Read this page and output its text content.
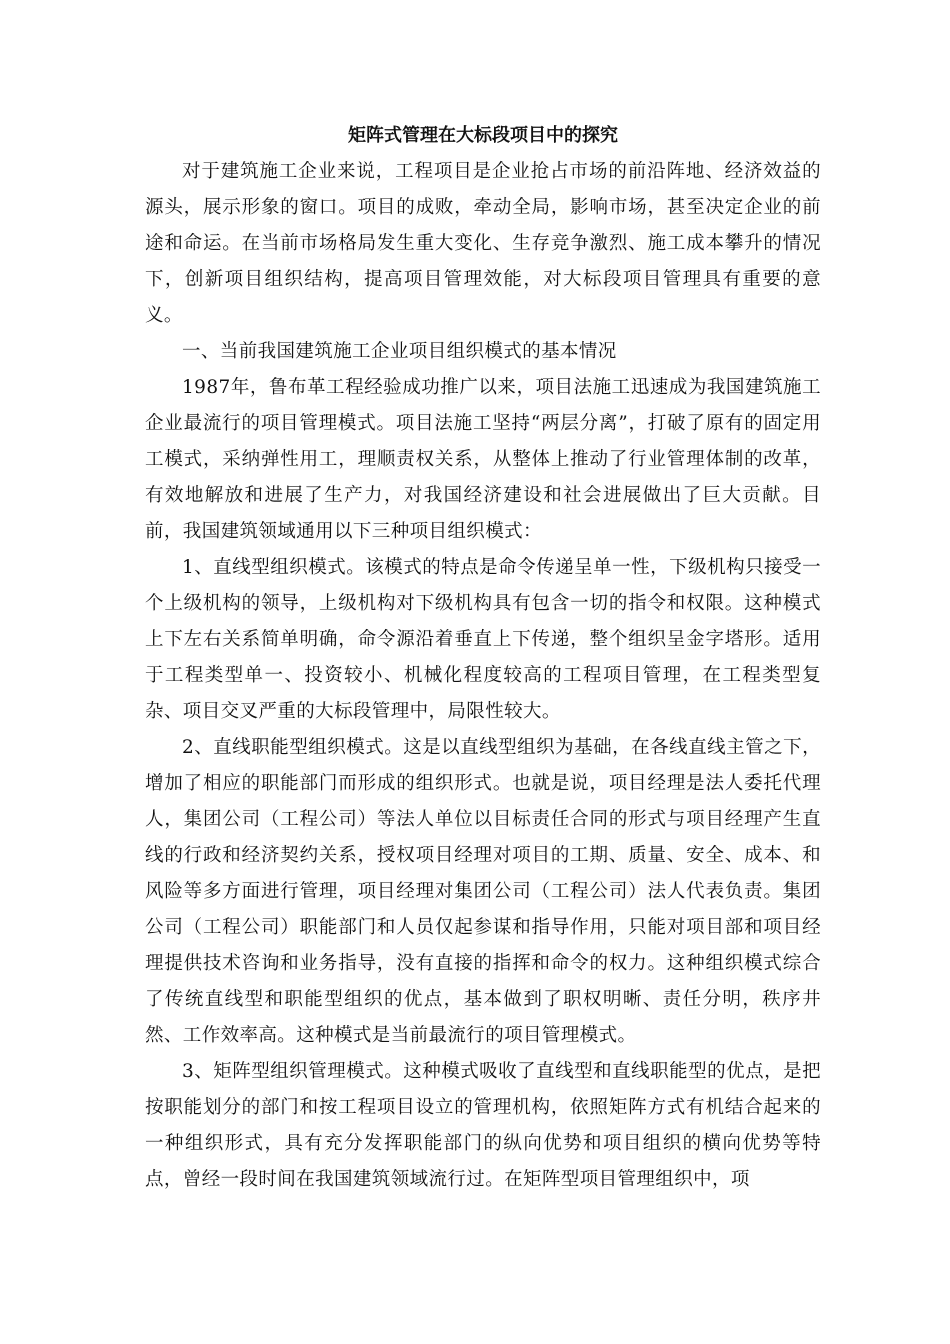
矩阵式管理在大标段项目中的探究

对于建筑施工企业来说，工程项目是企业抢占市场的前沿阵地、经济效益的源头，展示形象的窗口。项目的成败，牵动全局，影响市场，甚至决定企业的前途和命运。在当前市场格局发生重大变化、生存竞争激烈、施工成本攀升的情况下，创新项目组织结构，提高项目管理效能，对大标段项目管理具有重要的意义。

一、当前我国建筑施工企业项目组织模式的基本情况

1987年，鲁布革工程经验成功推广以来，项目法施工迅速成为我国建筑施工企业最流行的项目管理模式。项目法施工坚持“两层分离”，打破了原有的固定用工模式，采纳弹性用工，理顺责权关系，从整体上推动了行业管理体制的改革，有效地解放和进展了生产力，对我国经济建设和社会进展做出了巨大贡献。目前，我国建筑领域通用以下三种项目组织模式：

1、直线型组织模式。该模式的特点是命令传递呈单一性，下级机构只接受一个上级机构的领导，上级机构对下级机构具有包含一切的指令和权限。这种模式上下左右关系简单明确，命令源沿着垂直上下传递，整个组织呈金字塔形。适用于工程类型单一、投资较小、机械化程度较高的工程项目管理，在工程类型复杂、项目交叉严重的大标段管理中，局限性较大。

2、直线职能型组织模式。这是以直线型组织为基础，在各线直线主管之下，增加了相应的职能部门而形成的组织形式。也就是说，项目经理是法人委托代理人，集团公司（工程公司）等法人单位以目标责任合同的形式与项目经理产生直线的行政和经济契约关系，授权项目经理对项目的工期、质量、安全、成本、和风险等多方面进行管理，项目经理对集团公司（工程公司）法人代表负责。集团公司（工程公司）职能部门和人员仅起参谋和指导作用，只能对项目部和项目经理提供技术咨询和业务指导，没有直接的指挥和命令的权力。这种组织模式综合了传统直线型和职能型组织的优点，基本做到了职权明晰、责任分明，秩序井然、工作效率高。这种模式是当前最流行的项目管理模式。

3、矩阵型组织管理模式。这种模式吸收了直线型和直线职能型的优点，是把按职能划分的部门和按工程项目设立的管理机构，依照矩阵方式有机结合起来的一种组织形式，具有充分发挥职能部门的纵向优势和项目组织的横向优势等特点，曾经一段时间在我国建筑领域流行过。在矩阵型项目管理组织中，项
